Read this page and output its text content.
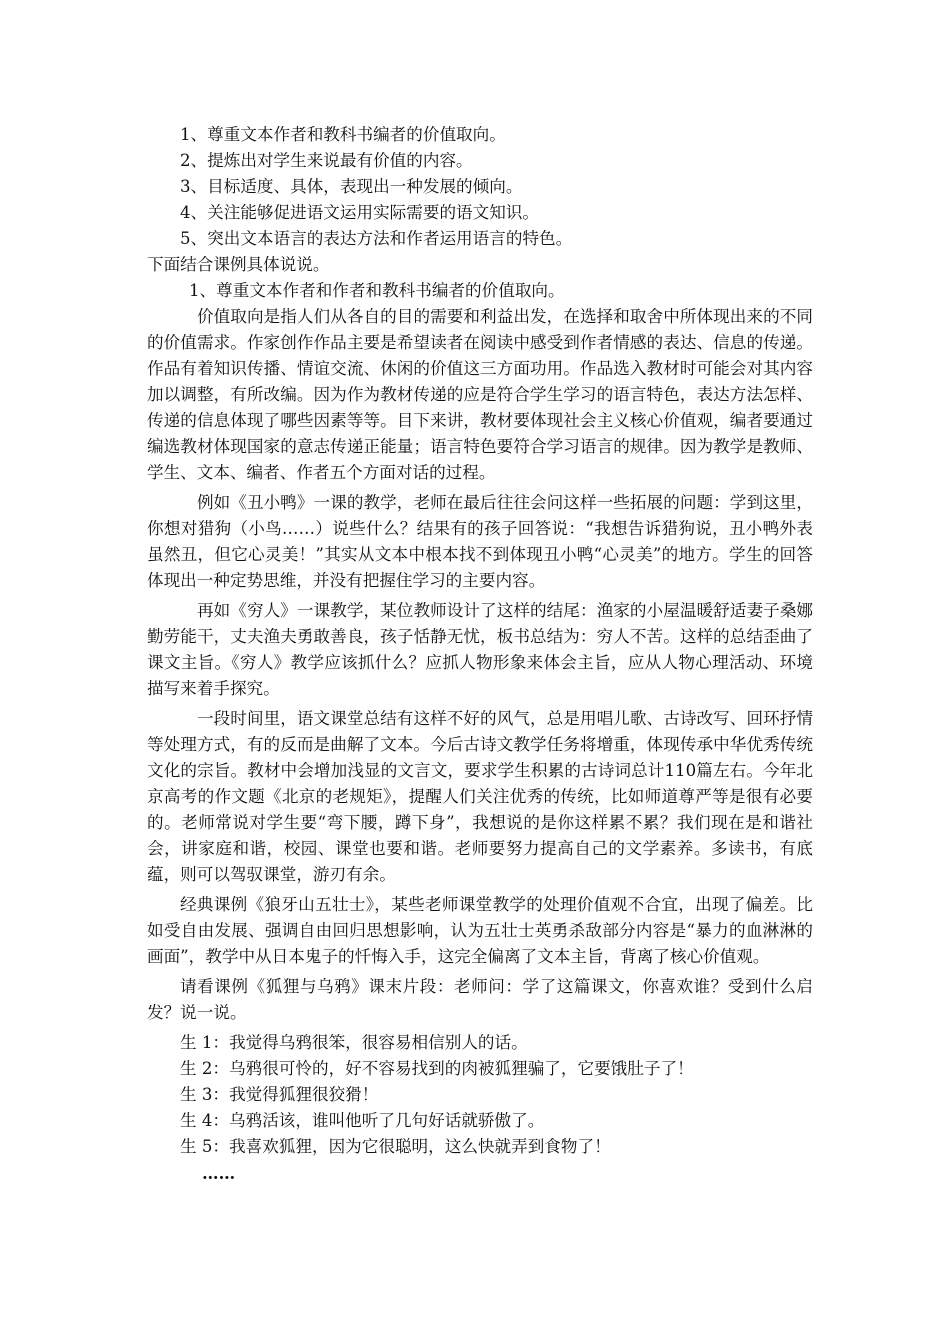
1、尊重文本作者和教科书编者的价值取向。
2、提炼出对学生来说最有价值的内容。
3、目标适度、具体，表现出一种发展的倾向。
4、关注能够促进语文运用实际需要的语文知识。
5、突出文本语言的表达方法和作者运用语言的特色。
下面结合课例具体说说。
1、尊重文本作者和作者和教科书编者的价值取向。

价值取向是指人们从各自的目的需要和利益出发，在选择和取舍中所体现出来的不同的价值需求。作家创作作品主要是希望读者在阅读中感受到作者情感的表达、信息的传递。作品有着知识传播、情谊交流、休闲的价值这三方面功用。作品选入教材时可能会对其内容加以调整，有所改编。因为作为教材传递的应是符合学生学习的语言特色，表达方法怎样、传递的信息体现了哪些因素等等。目下来讲，教材要体现社会主义核心价值观，编者要通过编选教材体现国家的意志传递正能量；语言特色要符合学习语言的规律。因为教学是教师、学生、文本、编者、作者五个方面对话的过程。

例如《丑小鸭》一课的教学，老师在最后往往会问这样一些拓展的问题：学到这里，你想对猎狗（小鸟……）说些什么？结果有的孩子回答说：“我想告诉猎狗说，丑小鸭外表虽然丑，但它心灵美！”其实从文本中根本找不到体现丑小鸭“心灵美”的地方。学生的回答体现出一种定势思维，并没有把握住学习的主要内容。

再如《穷人》一课教学，某位教师设计了这样的结尾：渔家的小屋温暖舒适妻子桑娜勤劳能干，丈夫渔夫勇敢善良，孩子恬静无忧，板书总结为：穷人不苦。这样的总结歪曲了课文主旨。《穷人》教学应该抓什么？应抓人物形象来体会主旨，应从人物心理活动、环境描写来着手探究。

一段时间里，语文课堂总结有这样不好的风气，总是用唱儿歌、古诗改写、回环抒情等处理方式，有的反而是曲解了文本。今后古诗文教学任务将增重，体现传承中华优秀传统文化的宗旨。教材中会增加浅显的文言文，要求学生积累的古诗词总计110篇左右。今年北京高考的作文题《北京的老规矩》，提醒人们关注优秀的传统，比如师道尊严等是很有必要的。老师常说对学生要“弯下腰，蹲下身”，我想说的是你这样累不累？我们现在是和谐社会，讲家庭和谐，校园、课堂也要和谐。老师要努力提高自己的文学素养。多读书，有底蕴，则可以驾驭课堂，游刃有余。

经典课例《狼牙山五壮士》，某些老师课堂教学的处理价值观不合宜，出现了偏差。比如受自由发展、强调自由回归思想影响，认为五壮士英勇杀敌部分内容是“暴力的血淋淋的画面”，教学中从日本鬼子的忏悔入手，这完全偏离了文本主旨，背离了核心价值观。

请看课例《狐狸与乌鸦》课末片段：老师问：学了这篇课文，你喜欢谁？受到什么启发？说一说。

生 1：我觉得乌鸦很笨，很容易相信别人的话。
生 2：乌鸦很可怜的，好不容易找到的肉被狐狸骗了，它要饿肚子了！
生 3：我觉得狐狸很狡猾！
生 4：乌鸦活该，谁叫他听了几句好话就骄傲了。
生 5：我喜欢狐狸，因为它很聪明，这么快就弄到食物了！
……
